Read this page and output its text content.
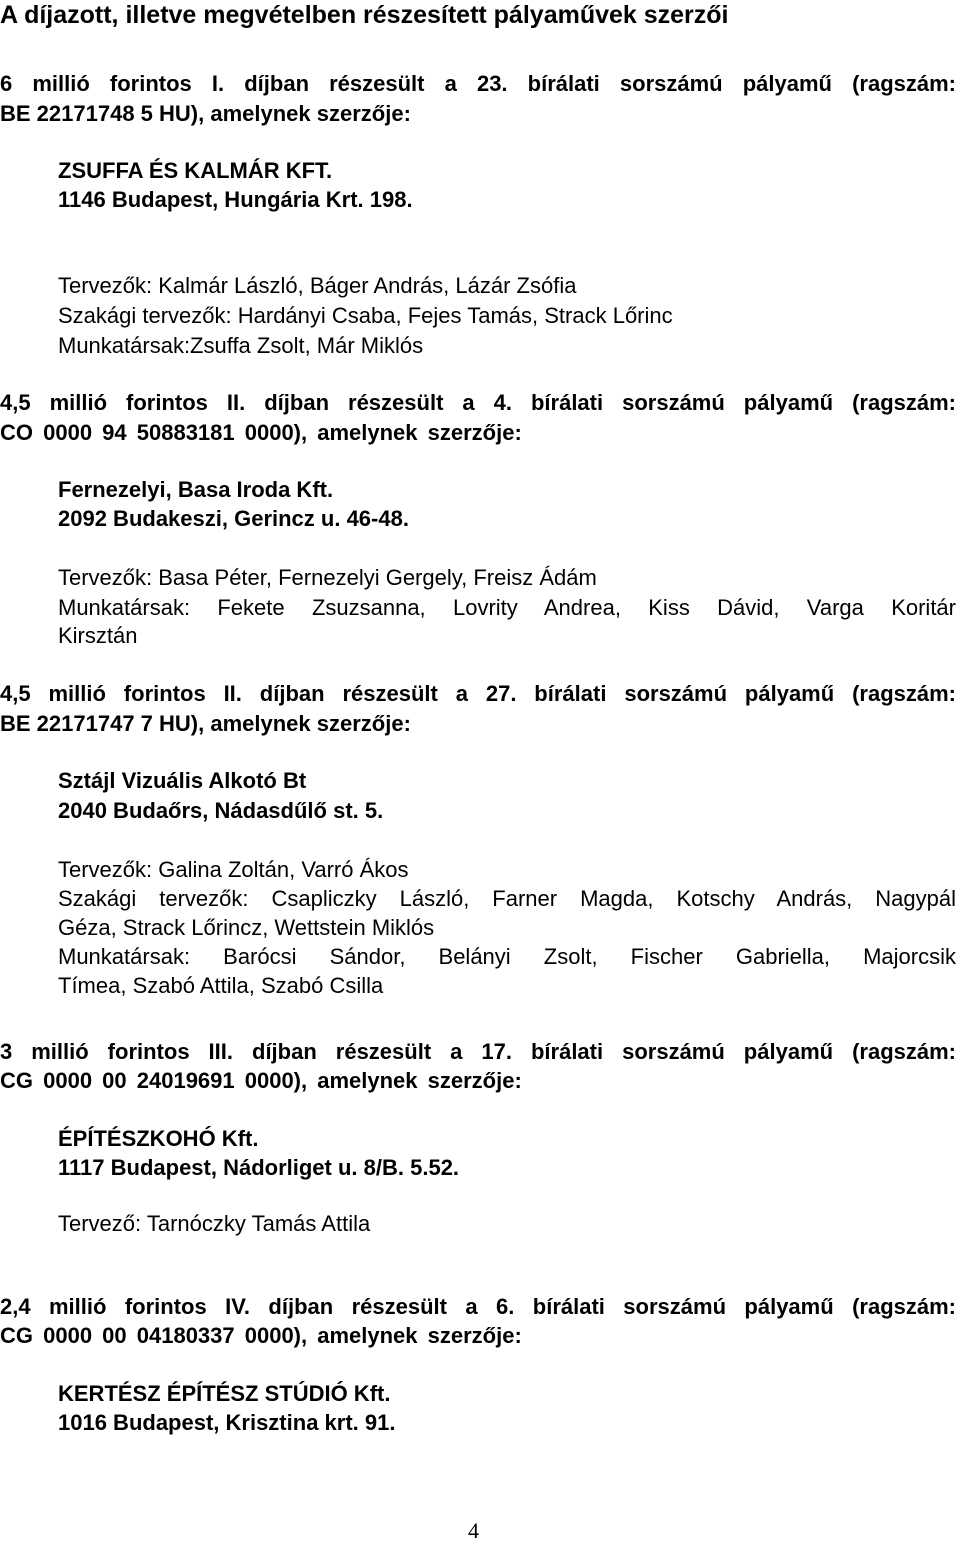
A díjazott, illetve megvételben részesített pályaművek szerzői
6 millió forintos I. díjban részesült a 23. bírálati sorszámú pályamű (ragszám:
BE 22171748 5 HU), amelynek szerzője:
ZSUFFA ÉS KALMÁR KFT.
1146 Budapest, Hungária Krt. 198.
Tervezők: Kalmár László, Báger András, Lázár Zsófia
Szakági tervezők: Hardányi Csaba, Fejes Tamás, Strack Lőrinc
Munkatársak:Zsuffa Zsolt, Már Miklós
4,5 millió forintos II. díjban részesült a 4. bírálati sorszámú pályamű (ragszám:
CO 0000 94 50883181 0000), amelynek szerzője:
Fernezelyi, Basa Iroda Kft.
2092 Budakeszi, Gerincz u. 46-48.
Tervezők: Basa Péter, Fernezelyi Gergely, Freisz Ádám
Munkatársak: Fekete Zsuzsanna, Lovrity Andrea, Kiss Dávid, Varga Koritár
Kirsztán
4,5 millió forintos II. díjban részesült a 27. bírálati sorszámú pályamű (ragszám:
BE 22171747 7 HU), amelynek szerzője:
Sztájl Vizuális Alkotó Bt
2040 Budaőrs, Nádasdűlő st. 5.
Tervezők: Galina Zoltán, Varró Ákos
Szakági tervezők: Csapliczky László, Farner Magda, Kotschy András, Nagypál
Géza, Strack Lőrincz, Wettstein Miklós
Munkatársak: Barócsi Sándor, Belányi Zsolt, Fischer Gabriella, Majorcsik
Tímea, Szabó Attila, Szabó Csilla
3 millió forintos III. díjban részesült a 17. bírálati sorszámú pályamű (ragszám:
CG 0000 00 24019691 0000), amelynek szerzője:
ÉPÍTÉSZKOHÓ Kft.
1117 Budapest, Nádorliget u. 8/B. 5.52.
Tervező: Tarnóczky Tamás Attila
2,4 millió forintos IV. díjban részesült a 6. bírálati sorszámú pályamű (ragszám:
CG 0000 00 04180337 0000), amelynek szerzője:
KERTÉSZ ÉPÍTÉSZ STÚDIÓ Kft.
1016 Budapest, Krisztina krt. 91.
4
